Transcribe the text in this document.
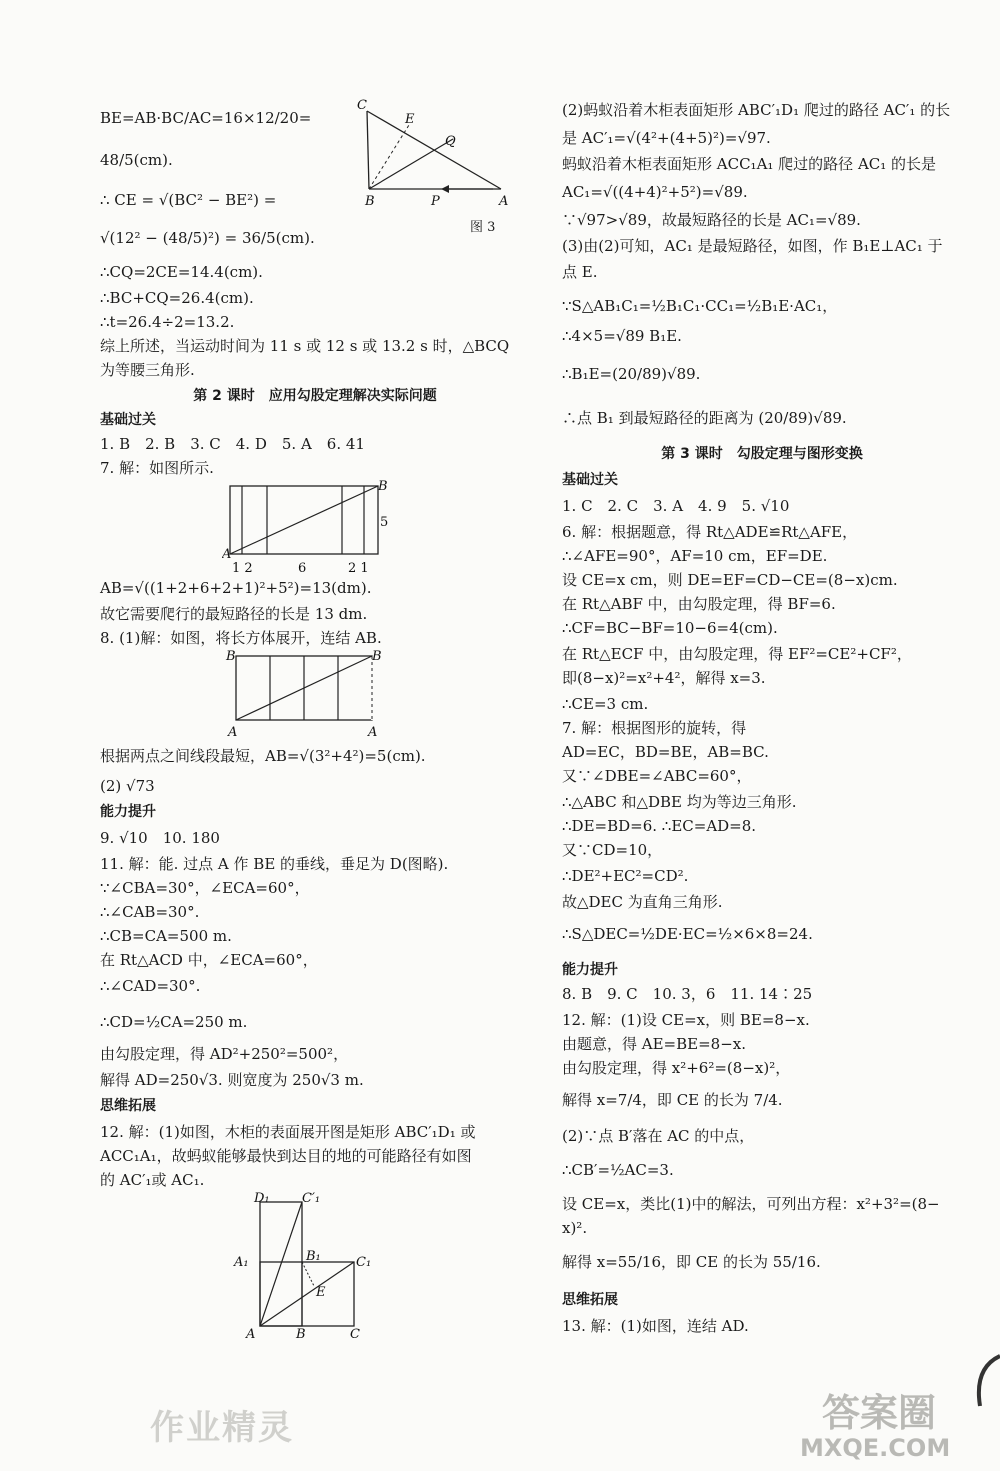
BE=AB·BC/AC=16×12/20=
48/5(cm).
∴ CE = √(BC² − BE²) =
√(12² − (48/5)²) = 36/5(cm).
∴CQ=2CE=14.4(cm).
∴BC+CQ=26.4(cm).
∴t=26.4÷2=13.2.
综上所述，当运动时间为 11 s 或 12 s 或 13.2 s 时，△BCQ
为等腰三角形.
第 2 课时　应用勾股定理解决实际问题
基础过关
1. B　2. B　3. C　4. D　5. A　6. 41
7. 解：如图所示.
B
A
5
1 2	6	2 1
AB=√((1+2+6+2+1)²+5²)=13(dm).
故它需要爬行的最短路径的长是 13 dm.
8. (1)解：如图，将长方体展开，连结 AB.
B	B
A	A
根据两点之间线段最短，AB=√(3²+4²)=5(cm).
(2) √73
能力提升
9. √10　10. 180
11. 解：能. 过点 A 作 BE 的垂线，垂足为 D(图略).
∵∠CBA=30°，∠ECA=60°，
∴∠CAB=30°.
∴CB=CA=500 m.
在 Rt△ACD 中，∠ECA=60°，
∴∠CAD=30°.
∴CD=½CA=250 m.
由勾股定理，得 AD²+250²=500²，
解得 AD=250√3. 则宽度为 250√3 m.
思维拓展
12. 解：(1)如图，木柜的表面展开图是矩形 ABC′₁D₁ 或
ACC₁A₁，故蚂蚁能够最快到达目的地的可能路径有如图
的 AC′₁或 AC₁.
D₁ C′₁
A₁	B₁	C₁
E
A	B	C
C
E
Q
B	P	A
图 3
(2)蚂蚁沿着木柜表面矩形 ABC′₁D₁ 爬过的路径 AC′₁ 的长
是 AC′₁=√(4²+(4+5)²)=√97.
蚂蚁沿着木柜表面矩形 ACC₁A₁ 爬过的路径 AC₁ 的长是
AC₁=√((4+4)²+5²)=√89.
∵√97>√89，故最短路径的长是 AC₁=√89.
(3)由(2)可知，AC₁ 是最短路径，如图，作 B₁E⊥AC₁ 于
点 E.
∵S△AB₁C₁=½B₁C₁·CC₁=½B₁E·AC₁，
∴4×5=√89 B₁E.
∴B₁E=(20/89)√89.
∴点 B₁ 到最短路径的距离为 (20/89)√89.
第 3 课时　勾股定理与图形变换
基础过关
1. C　2. C　3. A　4. 9　5. √10
6. 解：根据题意，得 Rt△ADE≌Rt△AFE，
∴∠AFE=90°，AF=10 cm，EF=DE.
设 CE=x cm，则 DE=EF=CD−CE=(8−x)cm.
在 Rt△ABF 中，由勾股定理，得 BF=6.
∴CF=BC−BF=10−6=4(cm).
在 Rt△ECF 中，由勾股定理，得 EF²=CE²+CF²，
即(8−x)²=x²+4²，解得 x=3.
∴CE=3 cm.
7. 解：根据图形的旋转，得
AD=EC，BD=BE，AB=BC.
又∵∠DBE=∠ABC=60°，
∴△ABC 和△DBE 均为等边三角形.
∴DE=BD=6. ∴EC=AD=8.
又∵CD=10，
∴DE²+EC²=CD².
故△DEC 为直角三角形.
∴S△DEC=½DE·EC=½×6×8=24.
能力提升
8. B　9. C　10. 3，6　11. 14∶25
12. 解：(1)设 CE=x，则 BE=8−x.
由题意，得 AE=BE=8−x.
由勾股定理，得 x²+6²=(8−x)²，
解得 x=7/4，即 CE 的长为 7/4.
(2)∵点 B′落在 AC 的中点，
∴CB′=½AC=3.
设 CE=x，类比(1)中的解法，可列出方程：x²+3²=(8−
x)².
解得 x=55/16，即 CE 的长为 55/16.
思维拓展
13. 解：(1)如图，连结 AD.
作业精灵	答案圈
MXQE.COM
